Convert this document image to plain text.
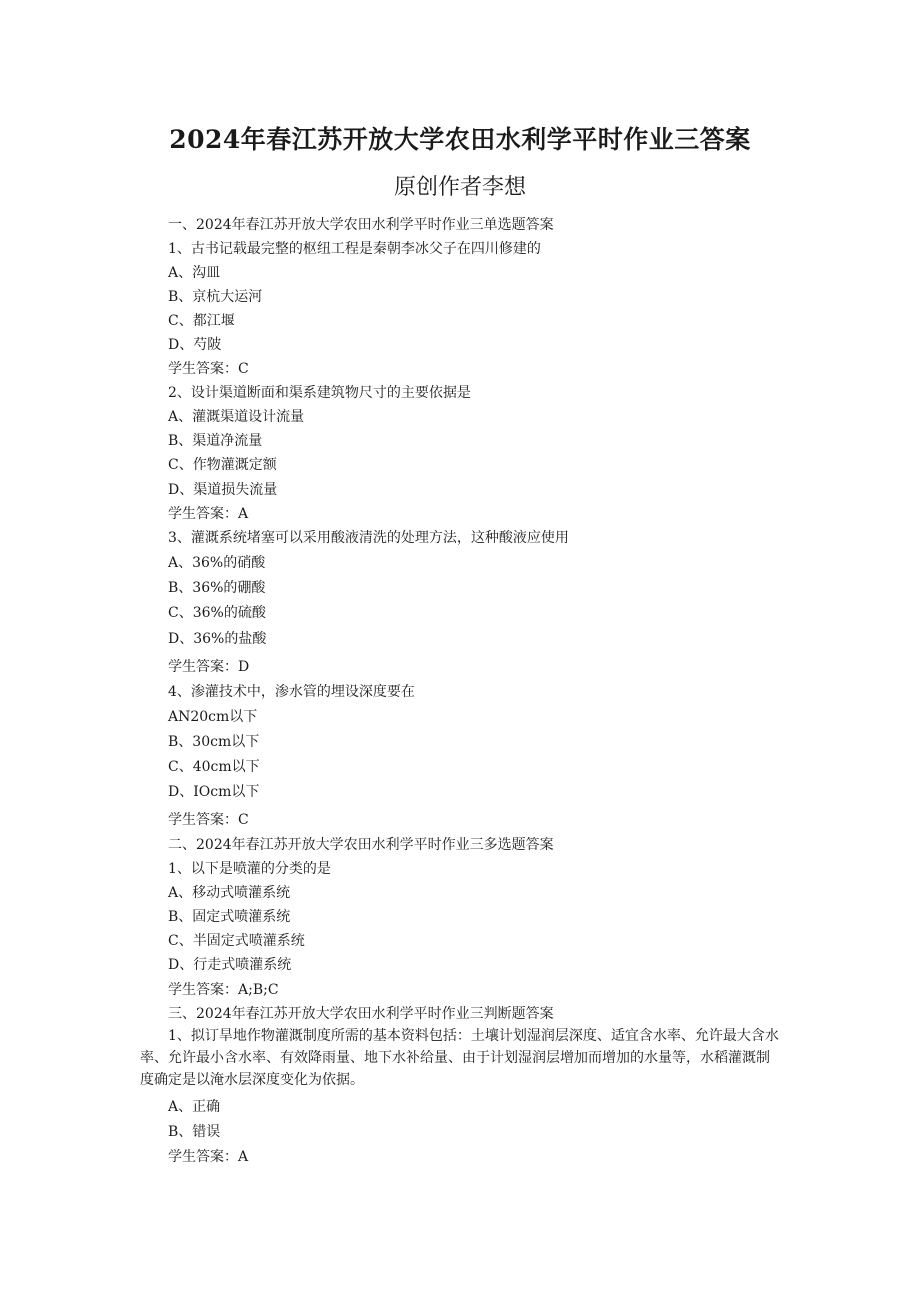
2024年春江苏开放大学农田水利学平时作业三答案
原创作者李想
一、2024年春江苏开放大学农田水利学平时作业三单选题答案
1、古书记载最完整的枢纽工程是秦朝李冰父子在四川修建的
A、沟皿
B、京杭大运河
C、都江堰
D、芍陂
学生答案：C
2、设计渠道断面和渠系建筑物尺寸的主要依据是
A、灌溉渠道设计流量
B、渠道净流量
C、作物灌溉定额
D、渠道损失流量
学生答案：A
3、灌溉系统堵塞可以采用酸液清洗的处理方法，这种酸液应使用
A、36%的硝酸
B、36%的硼酸
C、36%的硫酸
D、36%的盐酸
学生答案：D
4、渗灌技术中，渗水管的埋设深度要在
AN20cm以下
B、30cm以下
C、40cm以下
D、IOcm以下
学生答案：C
二、2024年春江苏开放大学农田水利学平时作业三多选题答案
1、以下是喷灌的分类的是
A、移动式喷灌系统
B、固定式喷灌系统
C、半固定式喷灌系统
D、行走式喷灌系统
学生答案：A;B;C
三、2024年春江苏开放大学农田水利学平时作业三判断题答案
1、拟订旱地作物灌溉制度所需的基本资料包括：土壤计划湿润层深度、适宜含水率、允许最大含水率、允许最小含水率、有效降雨量、地下水补给量、由于计划湿润层增加而增加的水量等，水稻灌溉制度确定是以淹水层深度变化为依据。
A、正确
B、错误
学生答案：A
